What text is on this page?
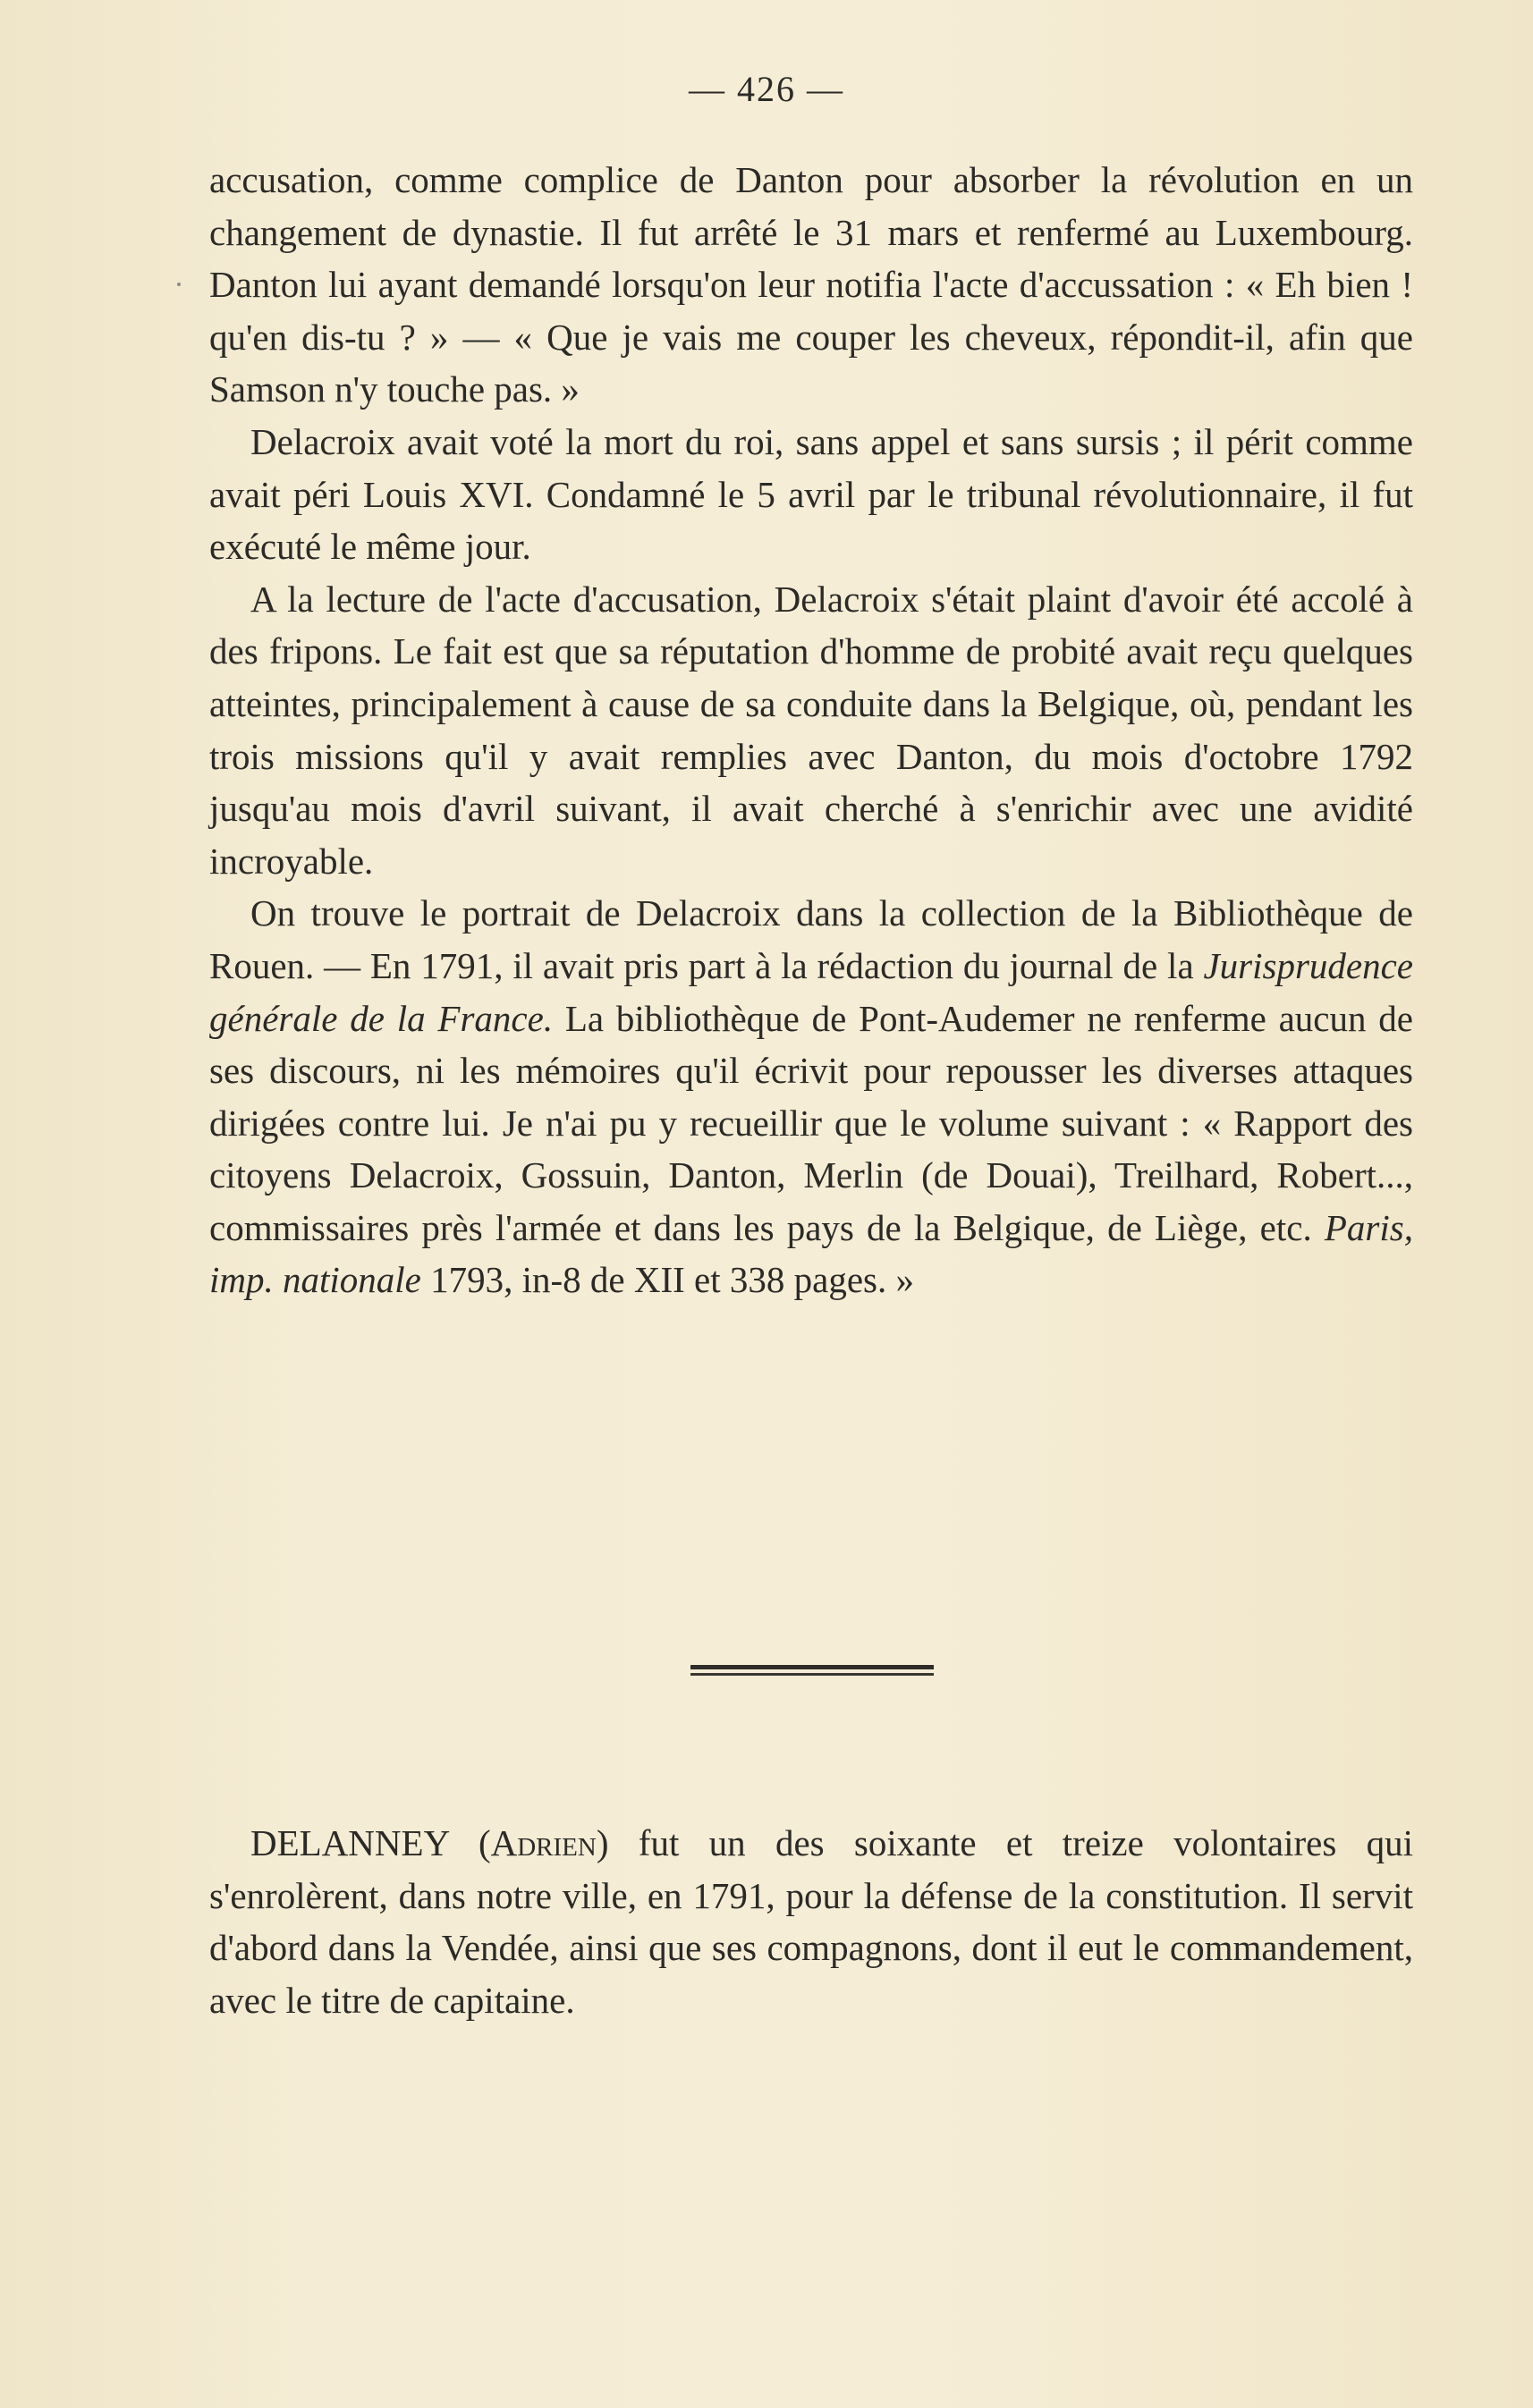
— 426 —

accusation, comme complice de Danton pour absorber la révolution en un changement de dynastie. Il fut arrêté le 31 mars et renfermé au Luxembourg. Danton lui ayant demandé lorsqu'on leur notifia l'acte d'accussation : « Eh bien ! qu'en dis-tu ? » — « Que je vais me couper les cheveux, répondit-il, afin que Samson n'y touche pas. »

Delacroix avait voté la mort du roi, sans appel et sans sursis ; il périt comme avait péri Louis XVI. Condamné le 5 avril par le tribunal révolutionnaire, il fut exécuté le même jour.

A la lecture de l'acte d'accusation, Delacroix s'était plaint d'avoir été accolé à des fripons. Le fait est que sa réputation d'homme de probité avait reçu quelques atteintes, principalement à cause de sa conduite dans la Belgique, où, pendant les trois missions qu'il y avait remplies avec Danton, du mois d'octobre 1792 jusqu'au mois d'avril suivant, il avait cherché à s'enrichir avec une avidité incroyable.

On trouve le portrait de Delacroix dans la collection de la Bibliothèque de Rouen. — En 1791, il avait pris part à la rédaction du journal de la Jurisprudence générale de la France. La bibliothèque de Pont-Audemer ne renferme aucun de ses discours, ni les mémoires qu'il écrivit pour repousser les diverses attaques dirigées contre lui. Je n'ai pu y recueillir que le volume suivant : « Rapport des citoyens Delacroix, Gossuin, Danton, Merlin (de Douai), Treilhard, Robert..., commissaires près l'armée et dans les pays de la Belgique, de Liège, etc. Paris, imp. nationale 1793, in-8 de XII et 338 pages. »

DELANNEY (Adrien) fut un des soixante et treize volontaires qui s'enrolèrent, dans notre ville, en 1791, pour la défense de la constitution. Il servit d'abord dans la Vendée, ainsi que ses compagnons, dont il eut le commandement, avec le titre de capitaine.
